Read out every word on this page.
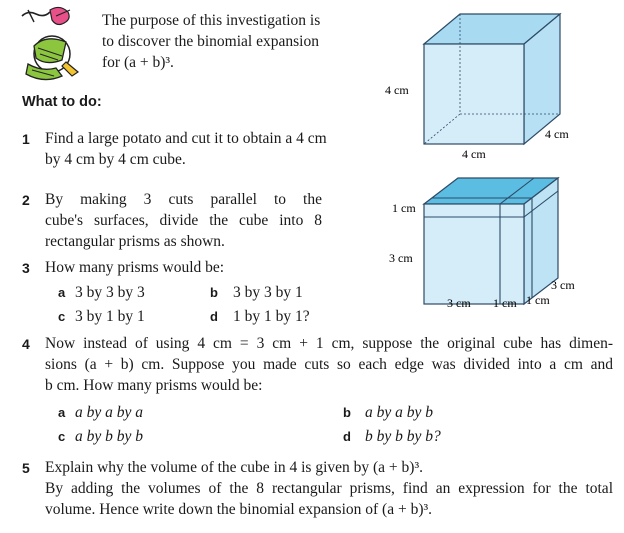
The purpose of this investigation is
to discover the binomial expansion
for (a + b)³.
What to do:
1 Find a large potato and cut it to obtain a 4 cm
by 4 cm by 4 cm cube.
2 By making 3 cuts parallel to the
cube's surfaces, divide the cube into 8
rectangular prisms as shown.
3 How many prisms would be:
a 3 by 3 by 3	b 3 by 3 by 1
c 3 by 1 by 1	d 1 by 1 by 1?
4 Now instead of using 4 cm = 3 cm + 1 cm, suppose the original cube has dimen-
sions (a + b) cm. Suppose you made cuts so each edge was divided into a cm and
b cm. How many prisms would be:
a a by a by a	b a by a by b
c a by b by b	d b by b by b?
5 Explain why the volume of the cube in 4 is given by (a + b)³.
By adding the volumes of the 8 rectangular prisms, find an expression for the total
volume. Hence write down the binomial expansion of (a + b)³.
4 cm
4 cm
4 cm
1 cm
3 cm
3 cm 1 cm
3 cm
1 cm
